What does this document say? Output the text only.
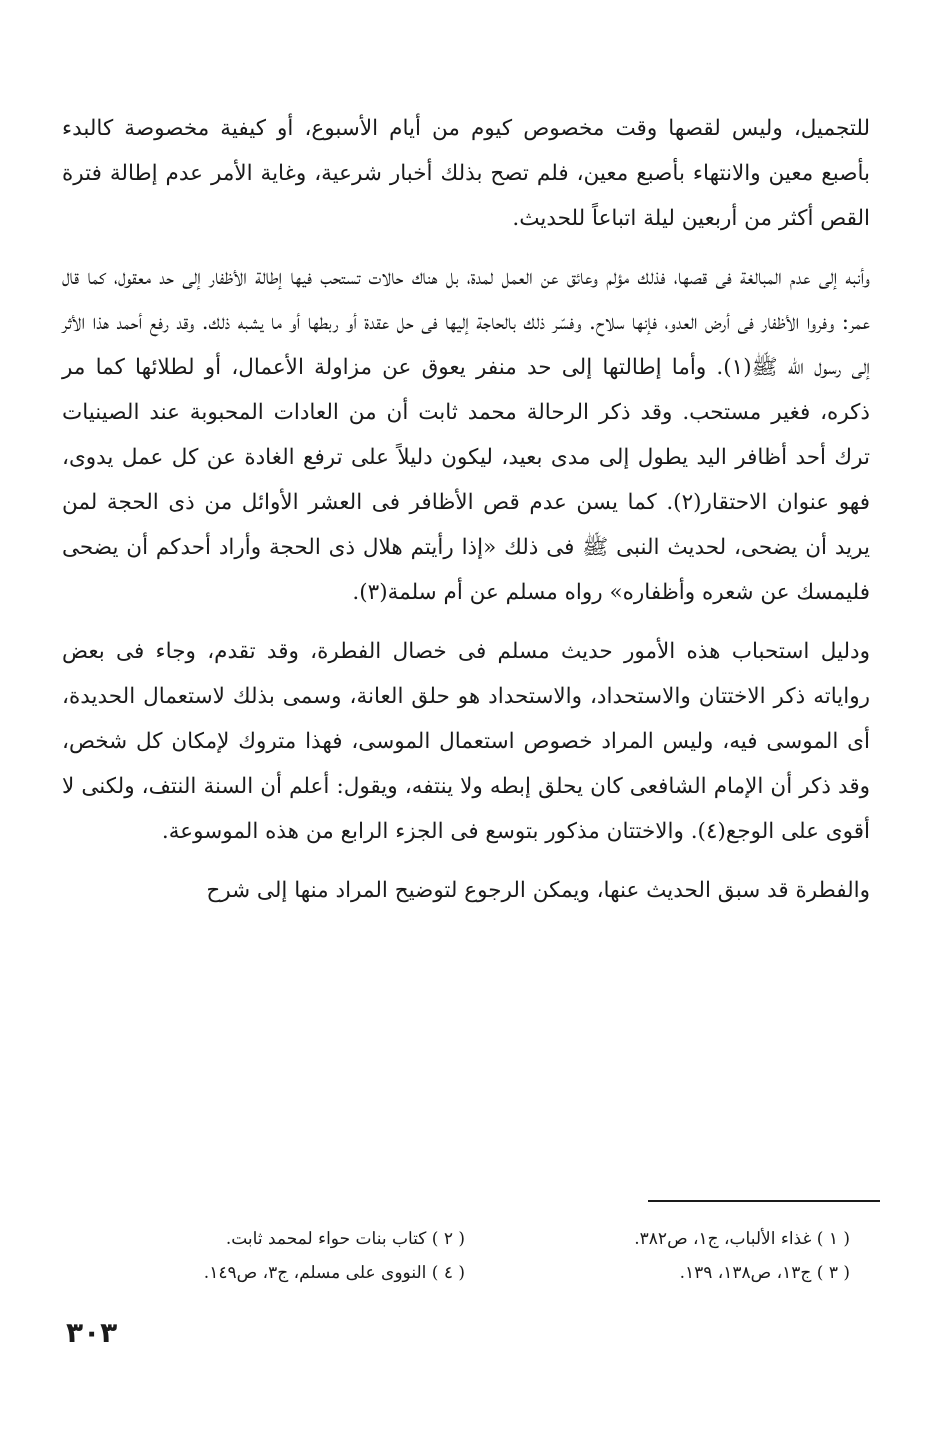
للتجميل، وليس لقصها وقت مخصوص كيوم من أيام الأسبوع، أو كيفية مخصوصة كالبدء بأصبع معين والانتهاء بأصبع معين، فلم تصح بذلك أخبار شرعية، وغاية الأمر عدم إطالة فترة القص أكثر من أربعين ليلة اتباعاً للحديث.

وأنبه إلى عدم المبالغة فى قصها، فذلك مؤلم وعائق عن العمل لمدة، بل هناك حالات تستحب فيها إطالة الأظفار إلى حد معقول، كما قال عمر: وفروا الأظفار فى أرض العدو، فإنها سلاح. وفسّر ذلك بالحاجة إليها فى حل عقدة أو ربطها أو ما يشبه ذلك. وقد رفع أحمد هذا الأثر إلى رسول الله ﷺ(١). وأما إطالتها إلى حد منفر يعوق عن مزاولة الأعمال، أو لطلائها كما مر ذكره، فغير مستحب. وقد ذكر الرحالة محمد ثابت أن من العادات المحبوبة عند الصينيات ترك أحد أظافر اليد يطول إلى مدى بعيد، ليكون دليلاً على ترفع الغادة عن كل عمل يدوى، فهو عنوان الاحتقار(٢). كما يسن عدم قص الأظافر فى العشر الأوائل من ذى الحجة لمن يريد أن يضحى، لحديث النبى ﷺ فى ذلك «إذا رأيتم هلال ذى الحجة وأراد أحدكم أن يضحى فليمسك عن شعره وأظفاره» رواه مسلم عن أم سلمة(٣).

ودليل استحباب هذه الأمور حديث مسلم فى خصال الفطرة، وقد تقدم، وجاء فى بعض رواياته ذكر الاختتان والاستحداد، والاستحداد هو حلق العانة، وسمى بذلك لاستعمال الحديدة، أى الموسى فيه، وليس المراد خصوص استعمال الموسى، فهذا متروك لإمكان كل شخص، وقد ذكر أن الإمام الشافعى كان يحلق إبطه ولا ينتفه، ويقول: أعلم أن السنة النتف، ولكنى لا أقوى على الوجع(٤). والاختتان مذكور بتوسع فى الجزء الرابع من هذه الموسوعة.

والفطرة قد سبق الحديث عنها، ويمكن الرجوع لتوضيح المراد منها إلى شرح

( ١ ) غذاء الألباب، ج١، ص٣٨٢.
( ٢ ) كتاب بنات حواء لمحمد ثابت.
( ٣ ) ج١٣، ص١٣٨، ١٣٩.
( ٤ ) النووى على مسلم، ج٣، ص١٤٩.
٣٠٣
